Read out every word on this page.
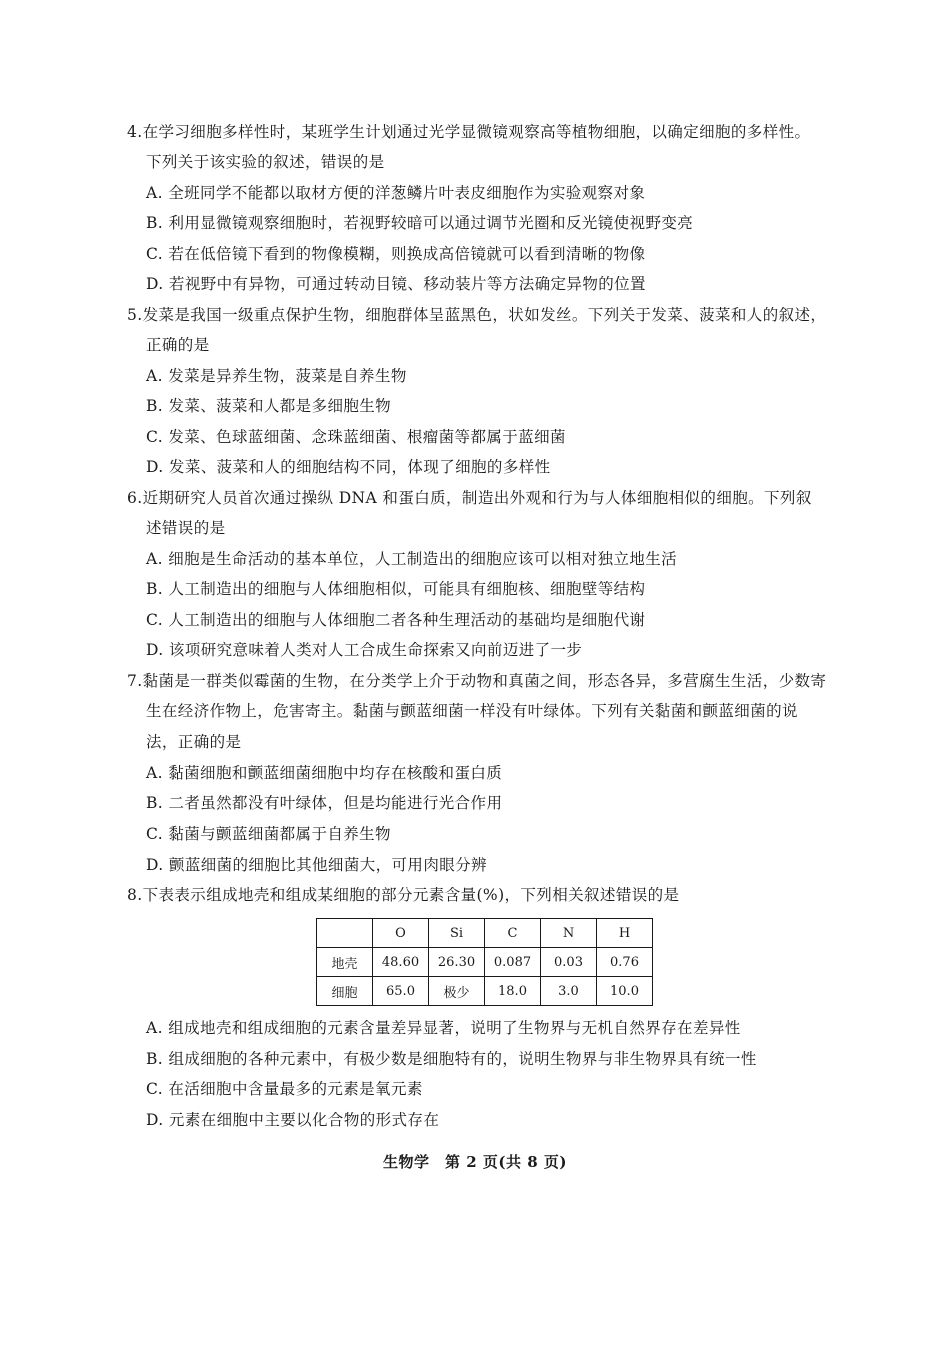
4.在学习细胞多样性时，某班学生计划通过光学显微镜观察高等植物细胞，以确定细胞的多样性。
下列关于该实验的叙述，错误的是
A. 全班同学不能都以取材方便的洋葱鳞片叶表皮细胞作为实验观察对象
B. 利用显微镜观察细胞时，若视野较暗可以通过调节光圈和反光镜使视野变亮
C. 若在低倍镜下看到的物像模糊，则换成高倍镜就可以看到清晰的物像
D. 若视野中有异物，可通过转动目镜、移动装片等方法确定异物的位置
5.发菜是我国一级重点保护生物，细胞群体呈蓝黑色，状如发丝。下列关于发菜、菠菜和人的叙述，
正确的是
A. 发菜是异养生物，菠菜是自养生物
B. 发菜、菠菜和人都是多细胞生物
C. 发菜、色球蓝细菌、念珠蓝细菌、根瘤菌等都属于蓝细菌
D. 发菜、菠菜和人的细胞结构不同，体现了细胞的多样性
6.近期研究人员首次通过操纵 DNA 和蛋白质，制造出外观和行为与人体细胞相似的细胞。下列叙
述错误的是
A. 细胞是生命活动的基本单位，人工制造出的细胞应该可以相对独立地生活
B. 人工制造出的细胞与人体细胞相似，可能具有细胞核、细胞壁等结构
C. 人工制造出的细胞与人体细胞二者各种生理活动的基础均是细胞代谢
D. 该项研究意味着人类对人工合成生命探索又向前迈进了一步
7.黏菌是一群类似霉菌的生物，在分类学上介于动物和真菌之间，形态各异，多营腐生生活，少数寄
生在经济作物上，危害寄主。黏菌与颤蓝细菌一样没有叶绿体。下列有关黏菌和颤蓝细菌的说
法，正确的是
A. 黏菌细胞和颤蓝细菌细胞中均存在核酸和蛋白质
B. 二者虽然都没有叶绿体，但是均能进行光合作用
C. 黏菌与颤蓝细菌都属于自养生物
D. 颤蓝细菌的细胞比其他细菌大，可用肉眼分辨
8.下表表示组成地壳和组成某细胞的部分元素含量(%)，下列相关叙述错误的是
	O	Si	C	N	H
地壳	48.60	26.30	0.087	0.03	0.76
细胞	65.0	极少	18.0	3.0	10.0
A. 组成地壳和组成细胞的元素含量差异显著，说明了生物界与无机自然界存在差异性
B. 组成细胞的各种元素中，有极少数是细胞特有的，说明生物界与非生物界具有统一性
C. 在活细胞中含量最多的元素是氧元素
D. 元素在细胞中主要以化合物的形式存在
生物学　第 2 页(共 8 页)
